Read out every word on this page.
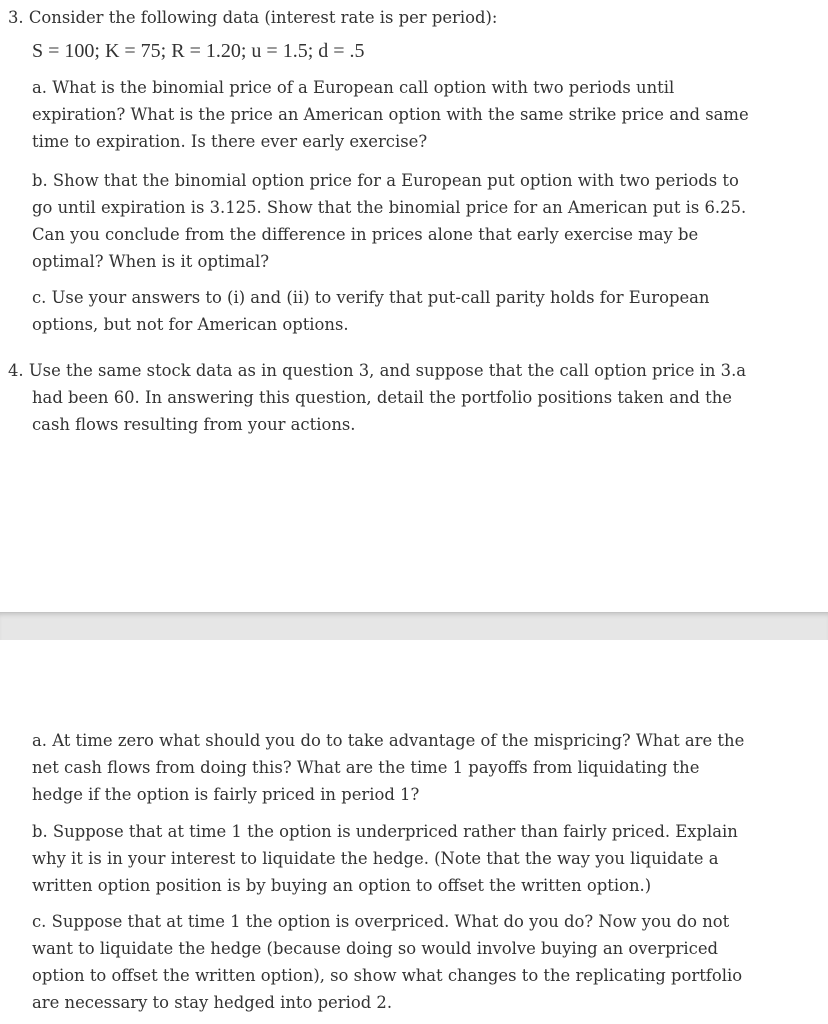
3. Consider the following data (interest rate is per period):
S = 100; K = 75; R = 1.20; u = 1.5; d = .5
a. What is the binomial price of a European call option with two periods until
expiration? What is the price an American option with the same strike price and same
time to expiration. Is there ever early exercise?
b. Show that the binomial option price for a European put option with two periods to
go until expiration is 3.125. Show that the binomial price for an American put is 6.25.
Can you conclude from the difference in prices alone that early exercise may be
optimal? When is it optimal?
c. Use your answers to (i) and (ii) to verify that put-call parity holds for European
options, but not for American options.
4. Use the same stock data as in question 3, and suppose that the call option price in 3.a
had been 60. In answering this question, detail the portfolio positions taken and the
cash flows resulting from your actions.
a. At time zero what should you do to take advantage of the mispricing? What are the
net cash flows from doing this? What are the time 1 payoffs from liquidating the
hedge if the option is fairly priced in period 1?
b. Suppose that at time 1 the option is underpriced rather than fairly priced. Explain
why it is in your interest to liquidate the hedge. (Note that the way you liquidate a
written option position is by buying an option to offset the written option.)
c. Suppose that at time 1 the option is overpriced. What do you do? Now you do not
want to liquidate the hedge (because doing so would involve buying an overpriced
option to offset the written option), so show what changes to the replicating portfolio
are necessary to stay hedged into period 2.
